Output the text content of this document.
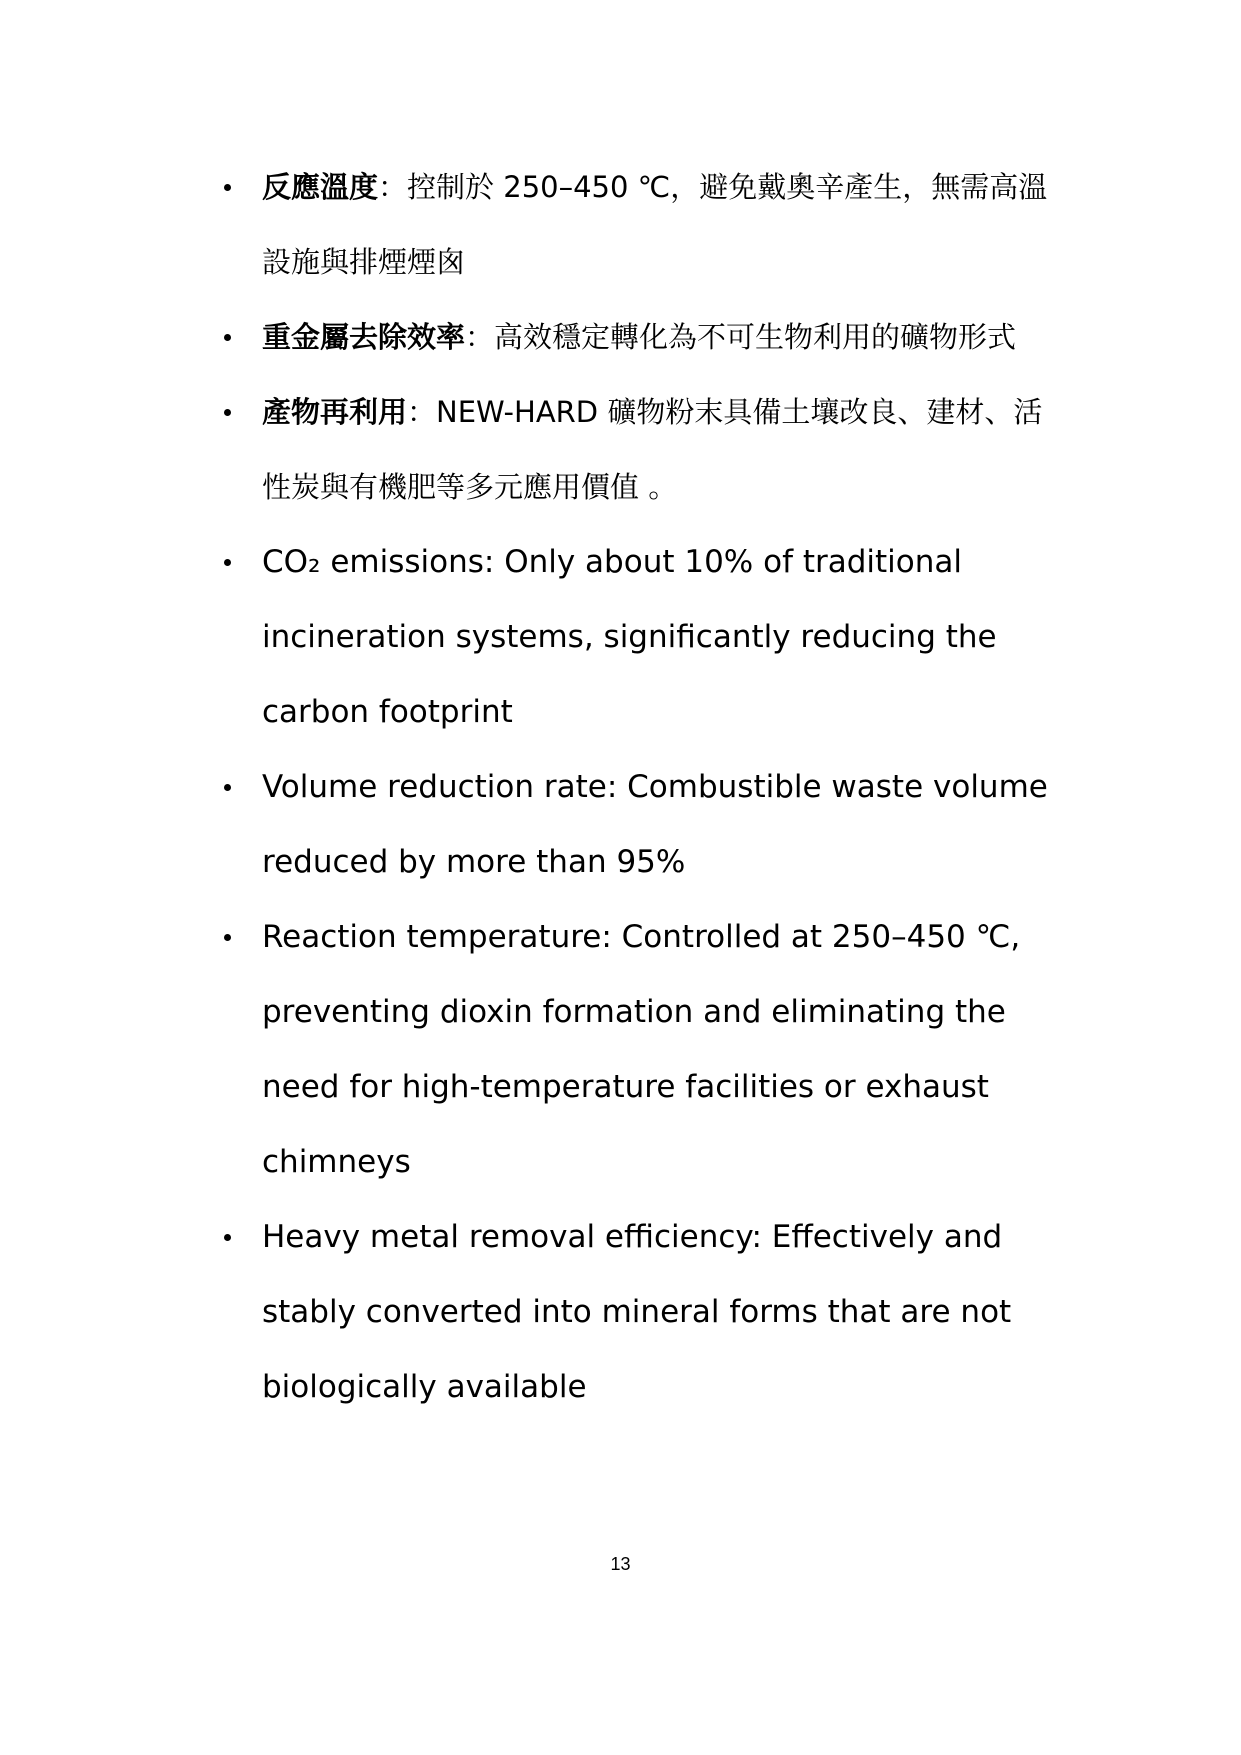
反應溫度：控制於 250–450 ℃，避免戴奧辛產生，無需高溫設施與排煙煙囪
重金屬去除效率：高效穩定轉化為不可生物利用的礦物形式
產物再利用：NEW-HARD 礦物粉末具備土壤改良、建材、活性炭與有機肥等多元應用價值 。
CO₂ emissions: Only about 10% of traditional incineration systems, significantly reducing the carbon footprint
Volume reduction rate: Combustible waste volume reduced by more than 95%
Reaction temperature: Controlled at 250–450 ℃, preventing dioxin formation and eliminating the need for high-temperature facilities or exhaust chimneys
Heavy metal removal efficiency: Effectively and stably converted into mineral forms that are not biologically available
13
